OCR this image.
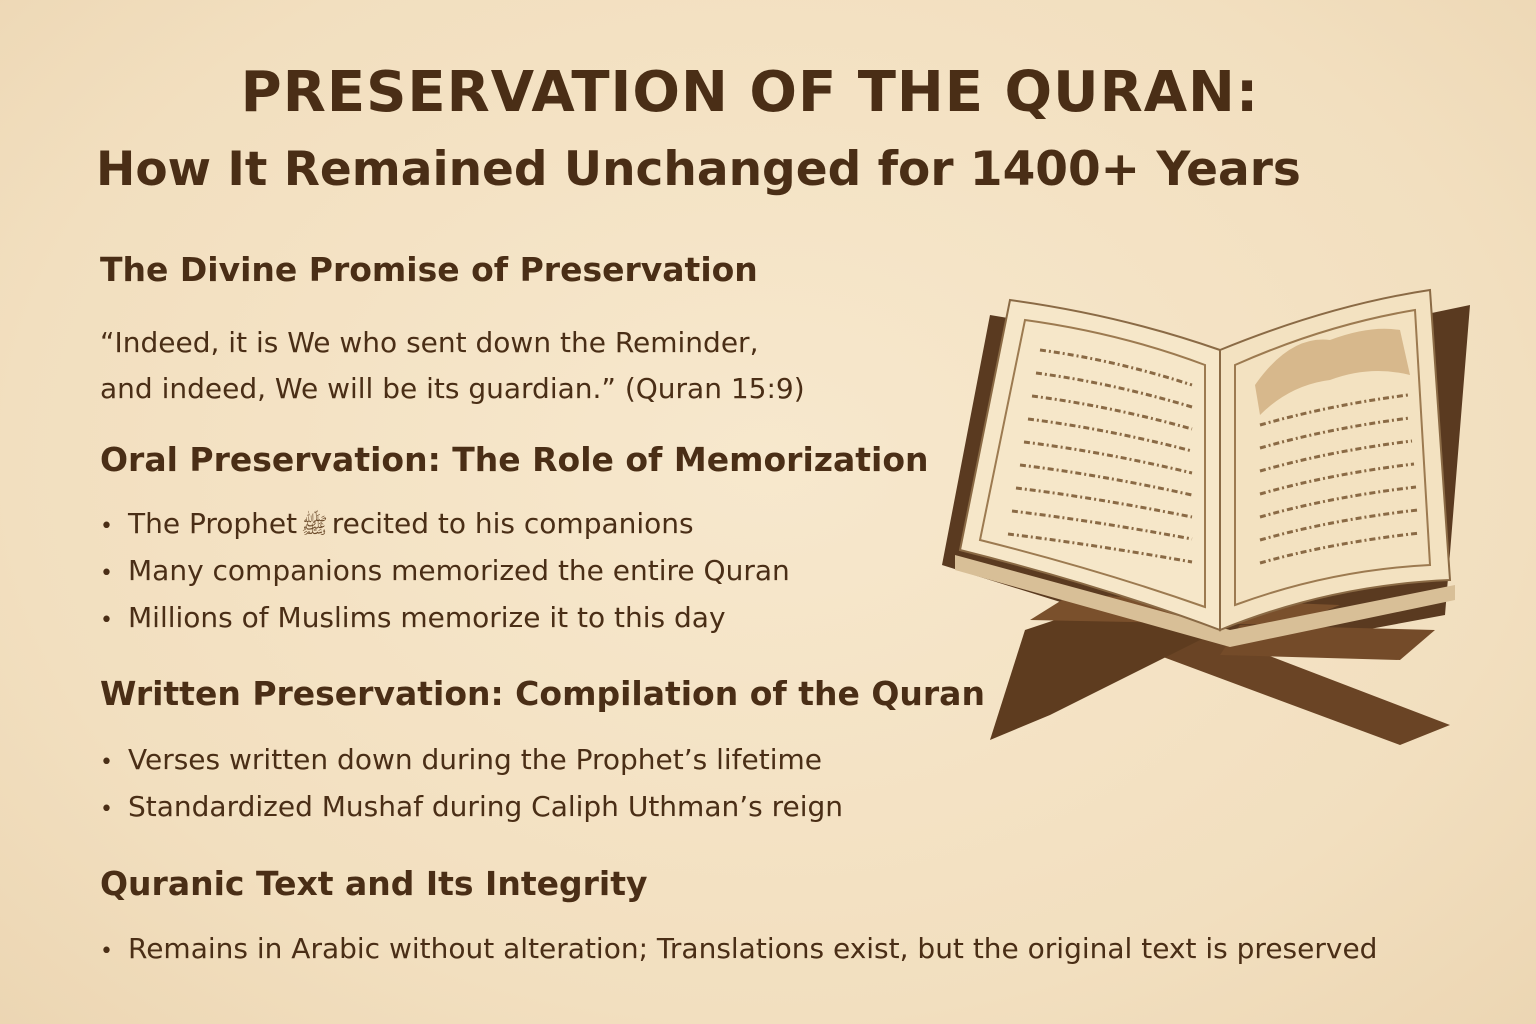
PRESERVATION OF THE QURAN:
How It Remained Unchanged for 1400+ Years
The Divine Promise of Preservation

“Indeed, it is We who sent down the Reminder,
and indeed, We will be its guardian.” (Quran 15:9)

Oral Preservation: The Role of Memorization
• The Prophet ﷺ recited to his companions
• Many companions memorized the entire Quran
• Millions of Muslims memorize it to this day
Written Preservation: Compilation of the Quran
• Verses written down during the Prophet’s lifetime
• Standardized Mushaf during Caliph Uthman’s reign
Quranic Text and Its Integrity
• Remains in Arabic without alteration; Translations exist, but the original text is preserved
